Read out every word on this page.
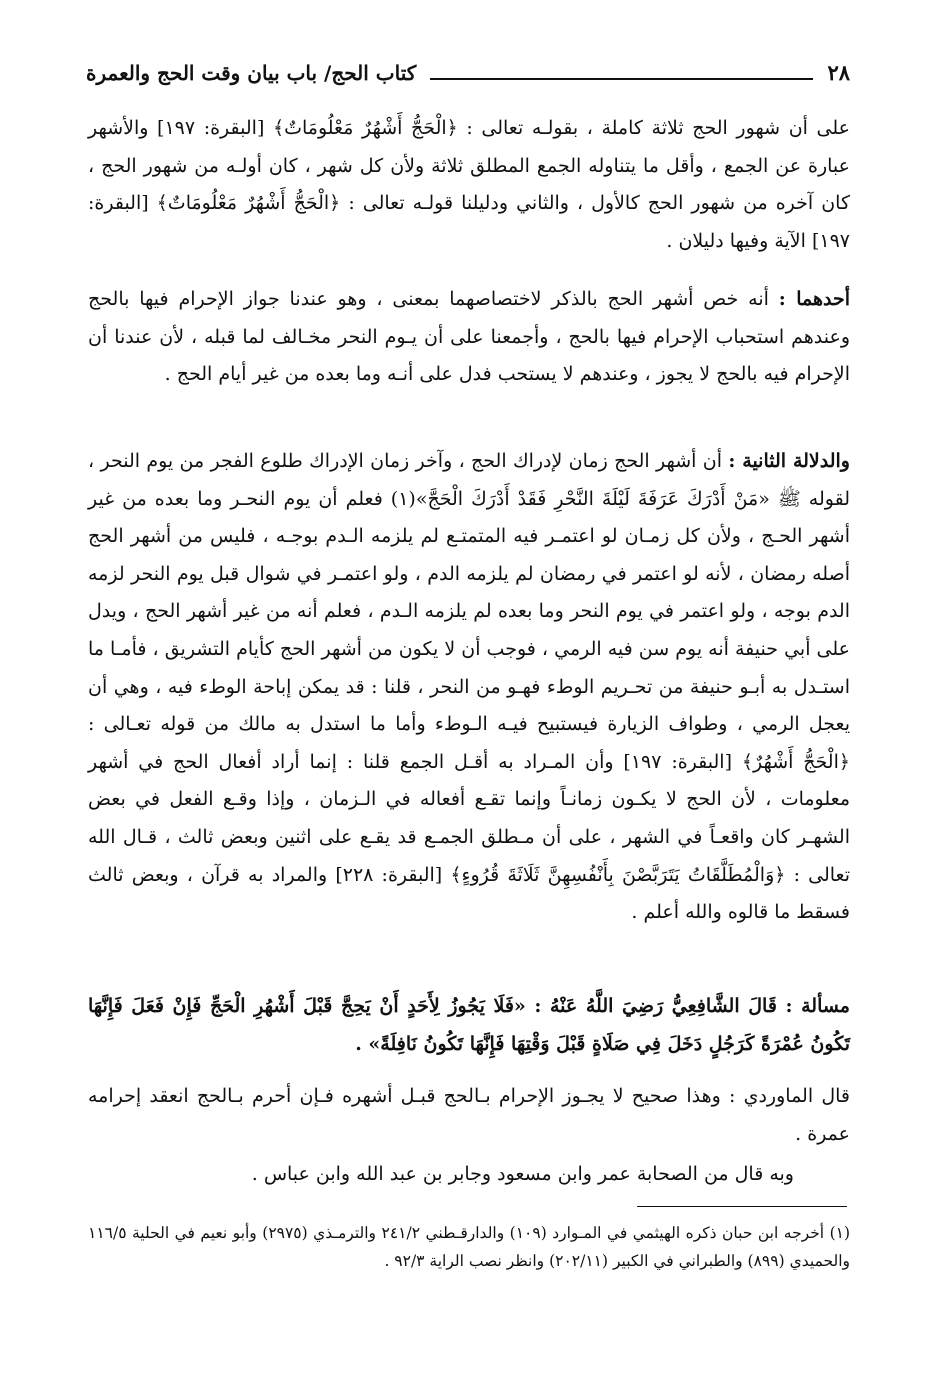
٢٨
كتاب الحج/ باب بيان وقت الحج والعمرة

على أن شهور الحج ثلاثة كاملة ، بقولـه تعالى : ﴿الْحَجُّ أَشْهُرٌ مَعْلُومَاتٌ﴾ [البقرة: ١٩٧] والأشهر عبارة عن الجمع ، وأقل ما يتناوله الجمع المطلق ثلاثة ولأن كل شهر ، كان أولـه من شهور الحج ، كان آخره من شهور الحج كالأول ، والثاني ودليلنا قولـه تعالى : ﴿الْحَجُّ أَشْهُرٌ مَعْلُومَاتٌ﴾ [البقرة: ١٩٧] الآية وفيها دليلان .

أحدهما : أنه خص أشهر الحج بالذكر لاختصاصهما بمعنى ، وهو عندنا جواز الإحرام فيها بالحج وعندهم استحباب الإحرام فيها بالحج ، وأجمعنا على أن يـوم النحر مخـالف لما قبله ، لأن عندنا أن الإحرام فيه بالحج لا يجوز ، وعندهم لا يستحب فدل على أنـه وما بعده من غير أيام الحج .

والدلالة الثانية : أن أشهر الحج زمان لإدراك الحج ، وآخر زمان الإدراك طلوع الفجر من يوم النحر ، لقوله ﷺ «مَنْ أَدْرَكَ عَرَفَةَ لَيْلَةَ النَّحْرِ فَقَدْ أَدْرَكَ الْحَجَّ»(١) فعلم أن يوم النحـر وما بعده من غير أشهر الحـج ، ولأن كل زمـان لو اعتمـر فيه المتمتـع لم يلزمه الـدم بوجـه ، فليس من أشهر الحج أصله رمضان ، لأنه لو اعتمر في رمضان لم يلزمه الدم ، ولو اعتمـر في شوال قبل يوم النحر لزمه الدم بوجه ، ولو اعتمر في يوم النحر وما بعده لم يلزمه الـدم ، فعلم أنه من غير أشهر الحج ، ويدل على أبي حنيفة أنه يوم سن فيه الرمي ، فوجب أن لا يكون من أشهر الحج كأيام التشريق ، فأمـا ما استـدل به أبـو حنيفة من تحـريم الوطء فهـو من النحر ، قلنا : قد يمكن إباحة الوطء فيه ، وهي أن يعجل الرمي ، وطواف الزيارة فيستبيح فيـه الـوطء وأما ما استدل به مالك من قوله تعـالى : ﴿الْحَجُّ أَشْهُرٌ﴾ [البقرة: ١٩٧] وأن المـراد به أقـل الجمع قلنا : إنما أراد أفعال الحج في أشهر معلومات ، لأن الحج لا يكـون زمانـاً وإنما تقـع أفعاله في الـزمان ، وإذا وقـع الفعل في بعض الشهـر كان واقعـاً في الشهر ، على أن مـطلق الجمـع قد يقـع على اثنين وبعض ثالث ، قـال الله تعالى : ﴿وَالْمُطَلَّقَاتُ يَتَرَبَّصْنَ بِأَنْفُسِهِنَّ ثَلَاثَةَ قُرُوءٍ﴾ [البقرة: ٢٢٨] والمراد به قرآن ، وبعض ثالث فسقط ما قالوه والله أعلم .

مسألة : قَالَ الشَّافِعِيُّ رَضِيَ اللَّهُ عَنْهُ : «فَلَا يَجُوزُ لِأَحَدٍ أَنْ يَحِجَّ قَبْلَ أَشْهُرِ الْحَجِّ فَإِنْ فَعَلَ فَإِنَّهَا تَكُونُ عُمْرَةً كَرَجُلٍ دَخَلَ فِي صَلَاةٍ قَبْلَ وَقْتِهَا فَإِنَّهَا تَكُونُ نَافِلَةً» .

قال الماوردي : وهذا صحيح لا يجـوز الإحرام بـالحج قبـل أشهره فـإن أحرم بـالحج انعقد إحرامه عمرة .

وبه قال من الصحابة عمر وابن مسعود وجابر بن عبد الله وابن عباس .

(١) أخرجه ابن حبان ذكره الهيثمي في المـوارد (١٠٩) والدارقـطني ٢٤١/٢ والترمـذي (٢٩٧٥) وأبو نعيم في الحلية ١١٦/٥ والحميدي (٨٩٩) والطبراني في الكبير (٢٠٢/١١) وانظر نصب الراية ٩٢/٣ .
